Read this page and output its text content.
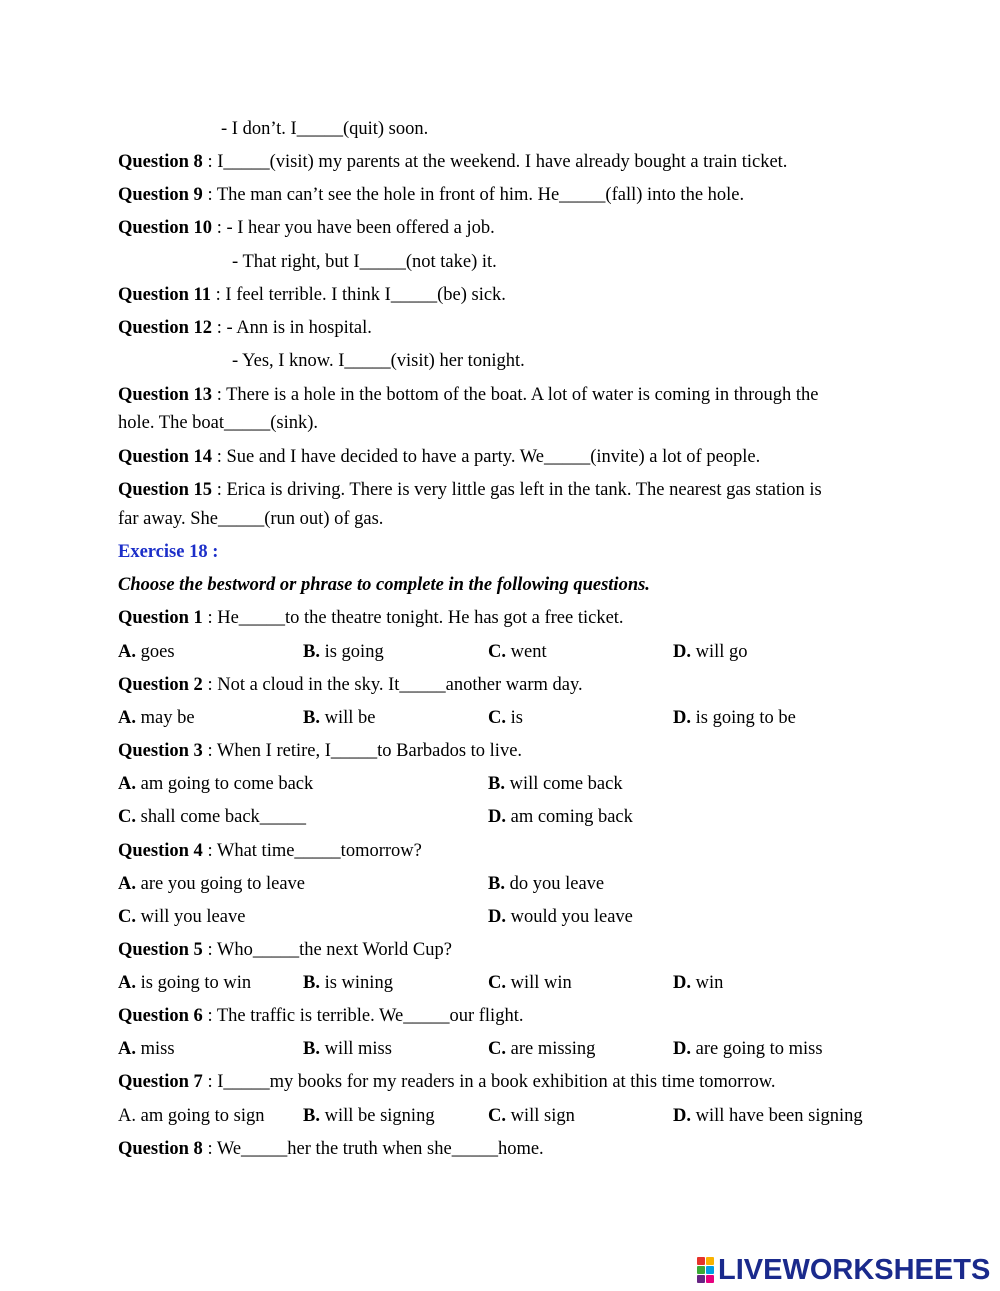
- I don’t. I_____(quit) soon.
Question 8 : I_____(visit) my parents at the weekend. I have already bought a train ticket.
Question 9 : The man can’t see the hole in front of him. He_____(fall) into the hole.
Question 10 : - I hear you have been offered a job.
- That right, but I_____(not take) it.
Question 11 : I feel terrible. I think I_____(be) sick.
Question 12 : - Ann is in hospital.
- Yes, I know. I_____(visit) her tonight.
Question 13 : There is a hole in the bottom of the boat. A lot of water is coming in through the
hole. The boat_____(sink).
Question 14 : Sue and I have decided to have a party. We_____(invite) a lot of people.
Question 15 : Erica is driving. There is very little gas left in the tank. The nearest gas station is
far away. She_____(run out) of gas.
Exercise 18 :
Choose the bestword or phrase to complete in the following questions.
Question 1 : He_____to the theatre tonight. He has got a free ticket.
A. goes	B. is going	C. went	D. will go
Question 2 : Not a cloud in the sky. It_____another warm day.
A. may be	B. will be	C. is	D. is going to be
Question 3 : When I retire, I_____to Barbados to live.
A. am going to come back	B. will come back
C. shall come back_____	D. am coming back
Question 4 : What time_____tomorrow?
A. are you going to leave	B. do you leave
C. will you leave	D. would you leave
Question 5 : Who_____the next World Cup?
A. is going to win	B. is wining	C. will win	D. win
Question 6 : The traffic is terrible. We_____our flight.
A. miss	B. will miss	C. are missing	D. are going to miss
Question 7 : I_____my books for my readers in a book exhibition at this time tomorrow.
A. am going to sign B. will be signing	C. will sign	D. will have been signing
Question 8 : We_____her the truth when she_____home.
LIVEWORKSHEETS
